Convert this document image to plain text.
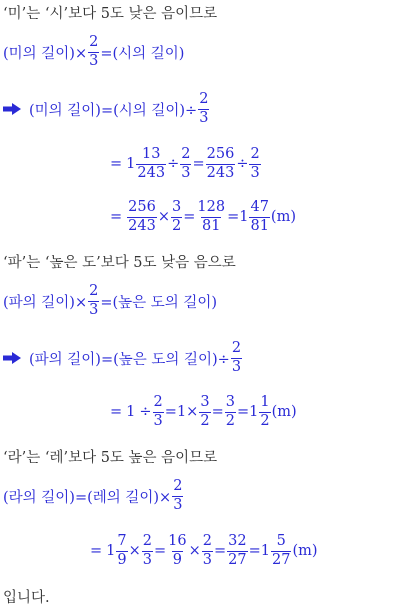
‘미’는 ‘시’보다 5도 낮은 음이므로
(미의 길이)× $\frac{2}{3}$ =(시의 길이)
(미의 길이)=(시의 길이)÷ $\frac{2}{3}$
= $1 \frac{13}{243} \div \frac{2}{3} = \frac{256}{243} \div \frac{2}{3}$
= $\frac{256}{243} \times \frac{3}{2} = \frac{128}{81} = 1 \frac{47}{81} (m)$
‘파’는 ‘높은 도’보다 5도 낮음 음으로
(파의 길이)× $\frac{2}{3}$ =(높은 도의 길이)
(파의 길이)=(높은 도의 길이)÷ $\frac{2}{3}$
= $1 \div \frac{2}{3} = 1 \times \frac{3}{2} = \frac{3}{2} = 1 \frac{1}{2} (m)$
‘라’는 ‘레’보다 5도 높은 음이므로
(라의 길이)=(레의 길이)× $\frac{2}{3}$
= $1 \frac{7}{9} \times \frac{2}{3} = \frac{16}{9} \times \frac{2}{3} = \frac{32}{27} = 1 \frac{5}{27} (m)$
입니다.
